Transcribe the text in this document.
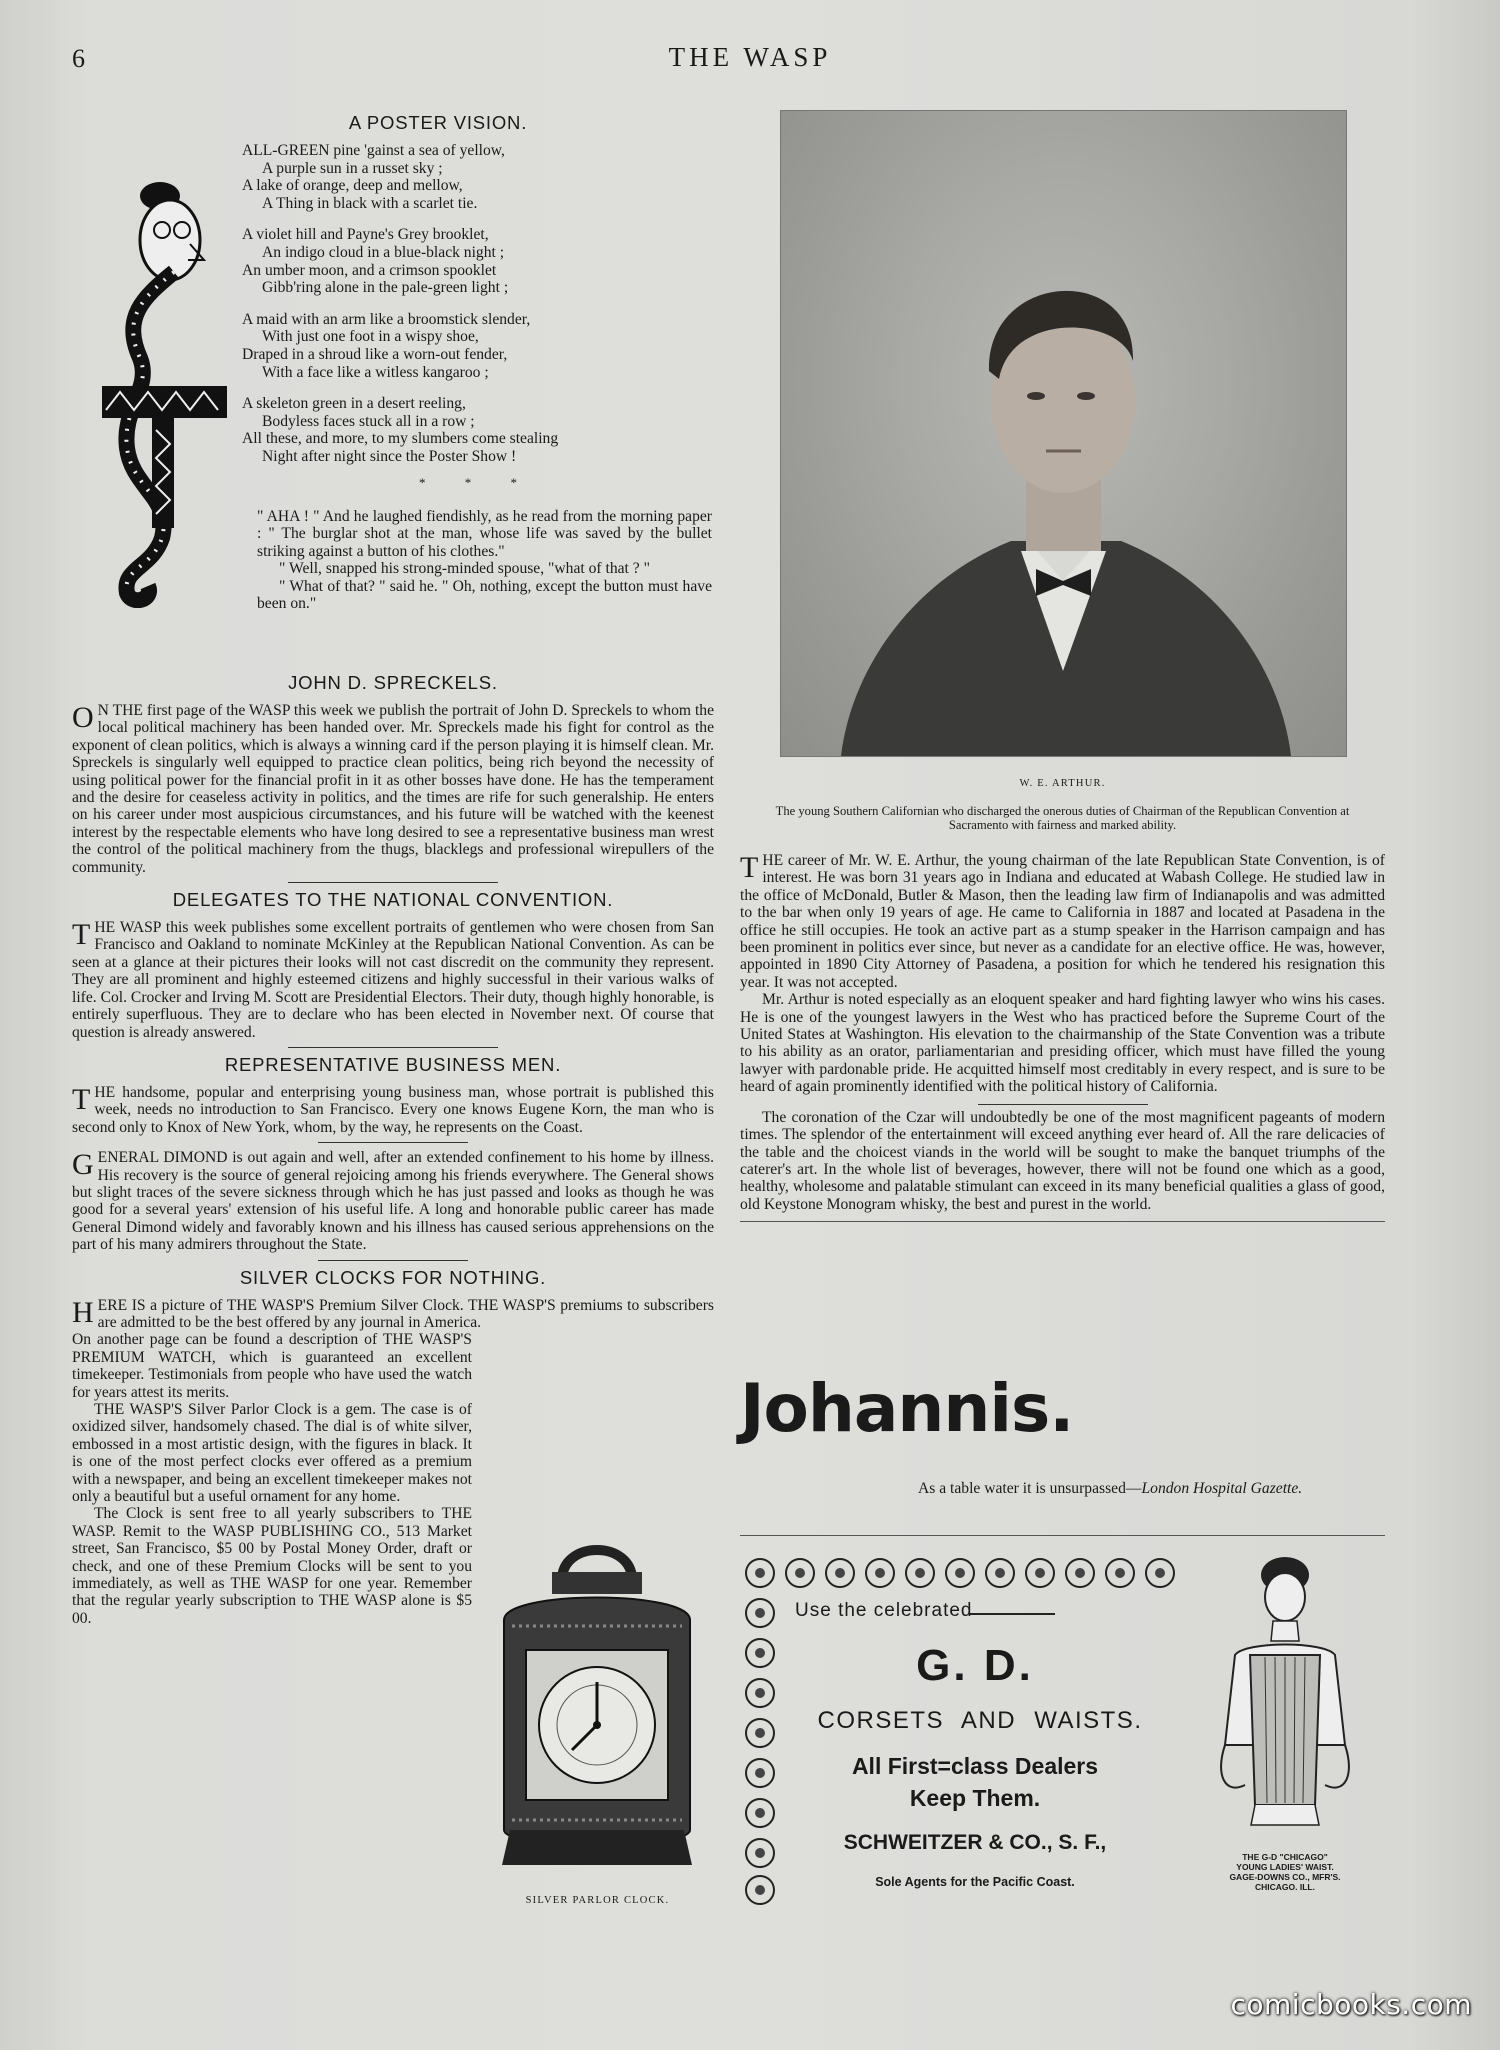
6	THE WASP
A POSTER VISION.
ALL-GREEN pine 'gainst a sea of yellow,
A purple sun in a russet sky ;
A lake of orange, deep and mellow,
A Thing in black with a scarlet tie.
A violet hill and Payne's Grey brooklet,
An indigo cloud in a blue-black night ;
An umber moon, and a crimson spooklet
Gibb'ring alone in the pale-green light ;
A maid with an arm like a broomstick slender,
With just one foot in a wispy shoe,
Draped in a shroud like a worn-out fender,
With a face like a witless kangaroo ;
A skeleton green in a desert reeling,
Bodyless faces stuck all in a row ;
All these, and more, to my slumbers come stealing
Night after night since the Poster Show !
* * *

" AHA ! " And he laughed fiendishly, as he read from the morning paper : " The burglar shot at the man, whose life was saved by the bullet striking against a button of his clothes."

" Well, snapped his strong-minded spouse, "what of that ? "

" What of that? " said he. " Oh, nothing, except the button must have been on."

JOHN D. SPRECKELS.

ON THE first page of the WASP this week we publish the portrait of John D. Spreckels to whom the local political machinery has been handed over. Mr. Spreckels made his fight for control as the exponent of clean politics, which is always a winning card if the person playing it is himself clean. Mr. Spreckels is singularly well equipped to practice clean politics, being rich beyond the necessity of using political power for the financial profit in it as other bosses have done. He has the temperament and the desire for ceaseless activity in politics, and the times are rife for such generalship. He enters on his career under most auspicious circumstances, and his future will be watched with the keenest interest by the respectable elements who have long desired to see a representative business man wrest the control of the political machinery from the thugs, blacklegs and professional wirepullers of the community.

DELEGATES TO THE NATIONAL CONVENTION.

THE WASP this week publishes some excellent portraits of gentlemen who were chosen from San Francisco and Oakland to nominate McKinley at the Republican National Convention. As can be seen at a glance at their pictures their looks will not cast discredit on the community they represent. They are all prominent and highly esteemed citizens and highly successful in their various walks of life. Col. Crocker and Irving M. Scott are Presidential Electors. Their duty, though highly honorable, is entirely superfluous. They are to declare who has been elected in November next. Of course that question is already answered.

REPRESENTATIVE BUSINESS MEN.

THE handsome, popular and enterprising young business man, whose portrait is published this week, needs no introduction to San Francisco. Every one knows Eugene Korn, the man who is second only to Knox of New York, whom, by the way, he represents on the Coast.

GENERAL DIMOND is out again and well, after an extended confinement to his home by illness. His recovery is the source of general rejoicing among his friends everywhere. The General shows but slight traces of the severe sickness through which he has just passed and looks as though he was good for a several years' extension of his useful life. A long and honorable public career has made General Dimond widely and favorably known and his illness has caused serious apprehensions on the part of his many admirers throughout the State.

SILVER CLOCKS FOR NOTHING.

HERE IS a picture of THE WASP'S Premium Silver Clock. THE WASP'S premiums to subscribers are admitted to be the best offered by any journal in America.

On another page can be found a description of THE WASP'S PREMIUM WATCH, which is guaranteed an excellent timekeeper. Testimonials from people who have used the watch for years attest its merits.

THE WASP'S Silver Parlor Clock is a gem. The case is of oxidized silver, handsomely chased. The dial is of white silver, embossed in a most artistic design, with the figures in black. It is one of the most perfect clocks ever offered as a premium with a newspaper, and being an excellent timekeeper makes not only a beautiful but a useful ornament for any home.

The Clock is sent free to all yearly subscribers to THE WASP. Remit to the WASP PUBLISHING CO., 513 Market street, San Francisco, $5 00 by Postal Money Order, draft or check, and one of these Premium Clocks will be sent to you immediately, as well as THE WASP for one year. Remember that the regular yearly subscription to THE WASP alone is $5 00.

SILVER PARLOR CLOCK.
W. E. ARTHUR.
The young Southern Californian who discharged the onerous duties of Chairman of the Republican Convention at Sacramento with fairness and marked ability.

THE career of Mr. W. E. Arthur, the young chairman of the late Republican State Convention, is of interest. He was born 31 years ago in Indiana and educated at Wabash College. He studied law in the office of McDonald, Butler & Mason, then the leading law firm of Indianapolis and was admitted to the bar when only 19 years of age. He came to California in 1887 and located at Pasadena in the office he still occupies. He took an active part as a stump speaker in the Harrison campaign and has been prominent in politics ever since, but never as a candidate for an elective office. He was, however, appointed in 1890 City Attorney of Pasadena, a position for which he tendered his resignation this year. It was not accepted.

Mr. Arthur is noted especially as an eloquent speaker and hard fighting lawyer who wins his cases. He is one of the youngest lawyers in the West who has practiced before the Supreme Court of the United States at Washington. His elevation to the chairmanship of the State Convention was a tribute to his ability as an orator, parliamentarian and presiding officer, which must have filled the young lawyer with pardonable pride. He acquitted himself most creditably in every respect, and is sure to be heard of again prominently identified with the political history of California.

The coronation of the Czar will undoubtedly be one of the most magnificent pageants of modern times. The splendor of the entertainment will exceed anything ever heard of. All the rare delicacies of the table and the choicest viands in the world will be sought to make the banquet triumphs of the caterer's art. In the whole list of beverages, however, there will not be found one which as a good, healthy, wholesome and palatable stimulant can exceed in its many beneficial qualities a glass of good, old Keystone Monogram whisky, the best and purest in the world.

Johannis.
As a table water it is unsurpassed—London Hospital Gazette.
Use the celebrated
G. D.
CORSETS AND WAISTS.
All First=class Dealers
Keep Them.
SCHWEITZER & CO., S. F.,
Sole Agents for the Pacific Coast.
THE G-D "CHICAGO"
YOUNG LADIES' WAIST.
GAGE-DOWNS CO., MFR'S.
CHICAGO. ILL.
comicbooks.com
